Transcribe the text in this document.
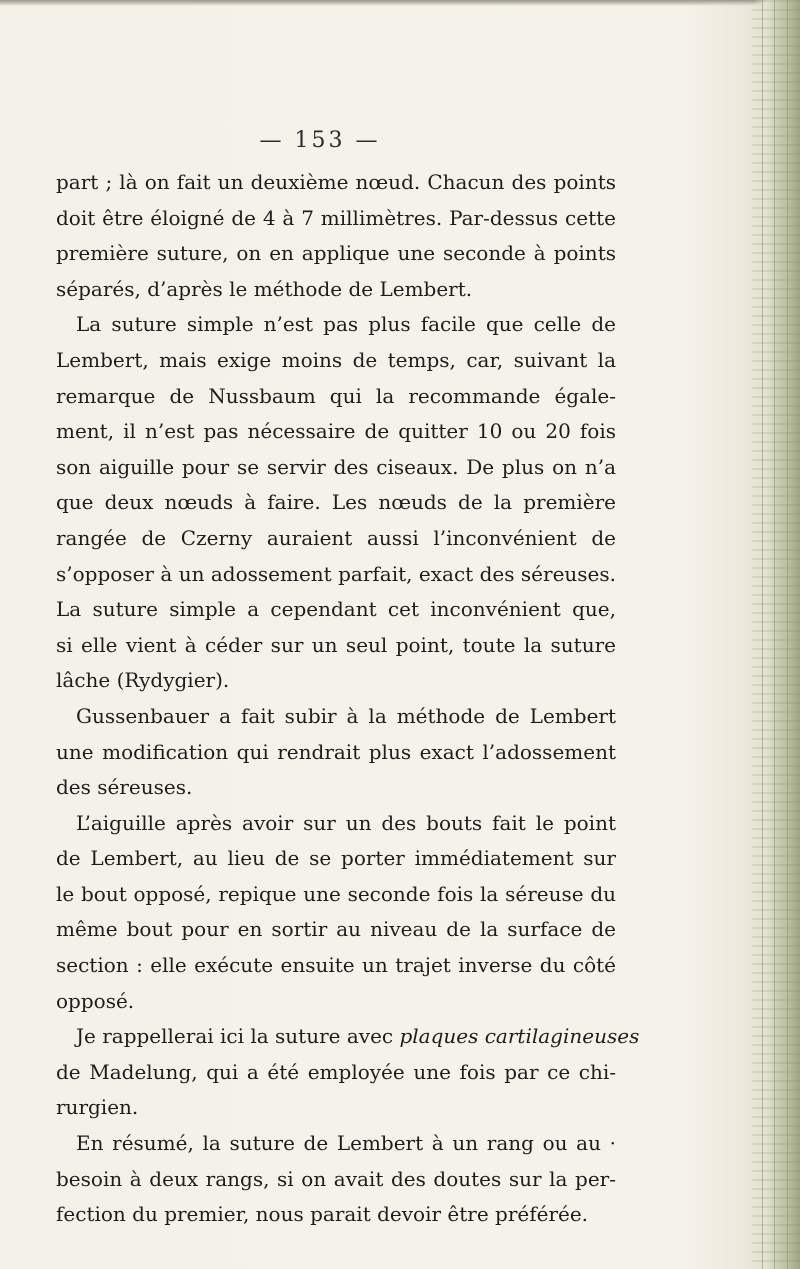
— 153 —
part ; là on fait un deuxième nœud. Chacun des points
doit être éloigné de 4 à 7 millimètres. Par-dessus cette
première suture, on en applique une seconde à points
séparés, d’après le méthode de Lembert.
La suture simple n’est pas plus facile que celle de
Lembert, mais exige moins de temps, car, suivant la
remarque de Nussbaum qui la recommande égale-
ment, il n’est pas nécessaire de quitter 10 ou 20 fois
son aiguille pour se servir des ciseaux. De plus on n’a
que deux nœuds à faire. Les nœuds de la première
rangée de Czerny auraient aussi l’inconvénient de
s’opposer à un adossement parfait, exact des séreuses.
La suture simple a cependant cet inconvénient que,
si elle vient à céder sur un seul point, toute la suture
lâche (Rydygier).
Gussenbauer a fait subir à la méthode de Lembert
une modification qui rendrait plus exact l’adossement
des séreuses.
L’aiguille après avoir sur un des bouts fait le point
de Lembert, au lieu de se porter immédiatement sur
le bout opposé, repique une seconde fois la séreuse du
même bout pour en sortir au niveau de la surface de
section : elle exécute ensuite un trajet inverse du côté
opposé.
Je rappellerai ici la suture avec plaques cartilagineuses
de Madelung, qui a été employée une fois par ce chi-
rurgien.
En résumé, la suture de Lembert à un rang ou au ·
besoin à deux rangs, si on avait des doutes sur la per-
fection du premier, nous parait devoir être préférée.
